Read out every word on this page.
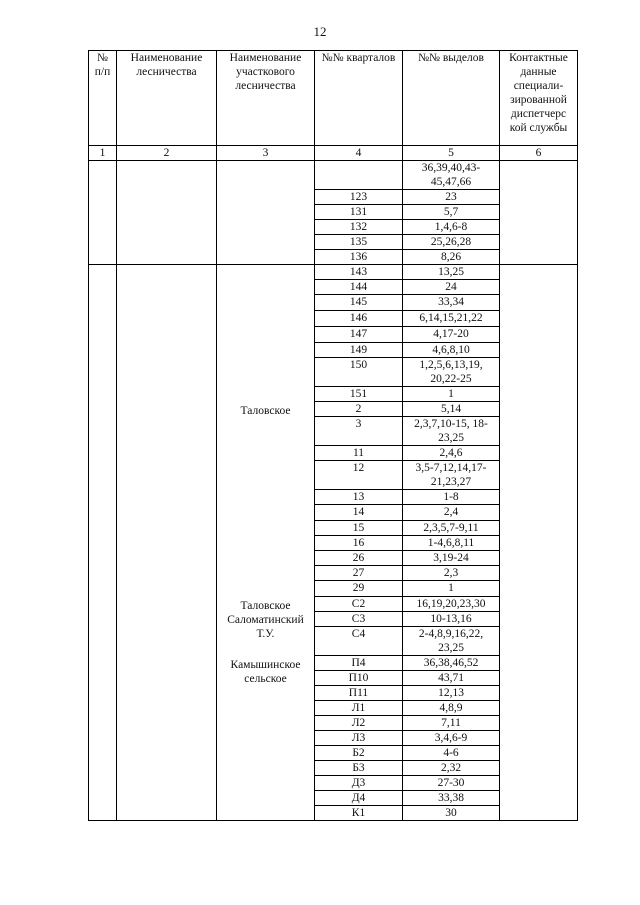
12
№ п/п	Наименование лесничества	Наименование участкового лесничества	№№ кварталов	№№ выделов	Контактные данные специали-зированной диспетчерс кой службы
1	2	3	4	5	6
				36,39,40,43-45,47,66	
			123	23	
			131	5,7	
			132	1,4,6-8	
			135	25,26,28	
			136	8,26	
			143	13,25	
			144	24	
			145	33,34	
			146	6,14,15,21,22	
			147	4,17-20	
			149	4,6,8,10	
			150	1,2,5,6,13,19, 20,22-25	
			151	1	
		Таловское	2	5,14	
			3	2,3,7,10-15, 18-23,25	
			11	2,4,6	
			12	3,5-7,12,14,17-21,23,27	
			13	1-8	
			14	2,4	
			15	2,3,5,7-9,11	
			16	1-4,6,8,11	
			26	3,19-24	
			27	2,3	
			29	1	
		Таловское Саломатинский Т.У.	С2	16,19,20,23,30	
			С3	10-13,16	
			С4	2-4,8,9,16,22, 23,25	
		Камышинское сельское	П4	36,38,46,52	
			П10	43,71	
			П11	12,13	
			Л1	4,8,9	
			Л2	7,11	
			Л3	3,4,6-9	
			Б2	4-6	
			Б3	2,32	
			Д3	27-30	
			Д4	33,38	
			К1	30	
